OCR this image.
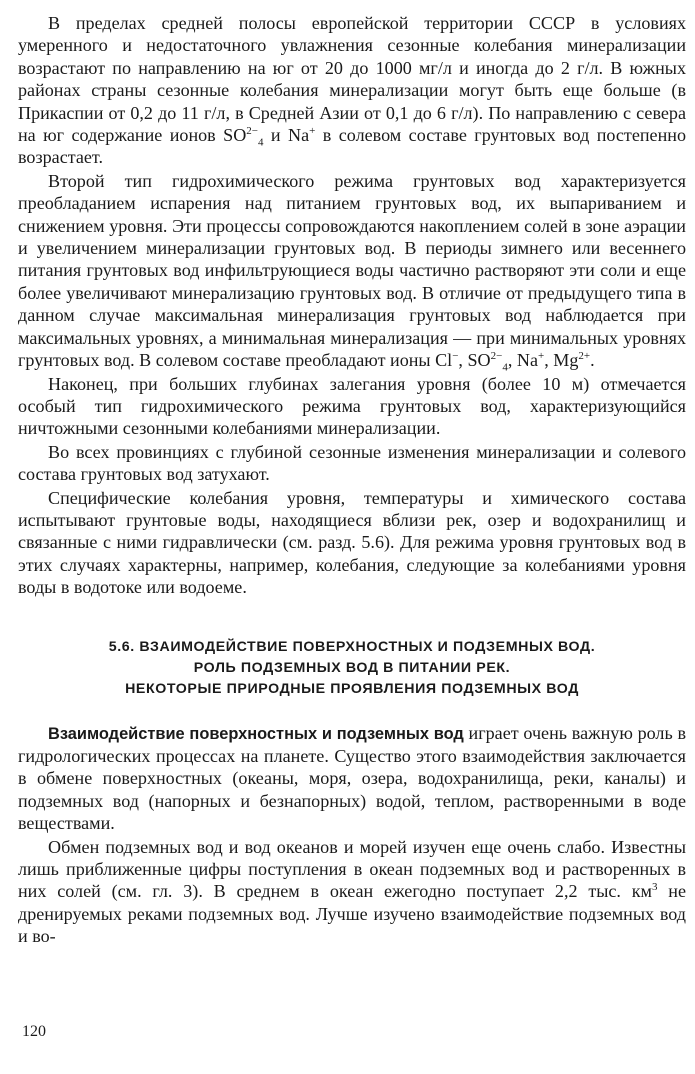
В пределах средней полосы европейской территории СССР в условиях умеренного и недостаточного увлажнения сезонные колебания минерализации возрастают по направлению на юг от 20 до 1000 мг/л и иногда до 2 г/л. В южных районах страны сезонные колебания минерализации могут быть еще больше (в Прикаспии от 0,2 до 11 г/л, в Средней Азии от 0,1 до 6 г/л). По направлению с севера на юг содержание ионов $SO^{2-}_4$ и Na+ в солевом составе грунтовых вод постепенно возрастает.

Второй тип гидрохимического режима грунтовых вод характеризуется преобладанием испарения над питанием грунтовых вод, их выпариванием и снижением уровня. Эти процессы сопровождаются накоплением солей в зоне аэрации и увеличением минерализации грунтовых вод. В периоды зимнего или весеннего питания грунтовых вод инфильтрующиеся воды частично растворяют эти соли и еще более увеличивают минерализацию грунтовых вод. В отличие от предыдущего типа в данном случае максимальная минерализация грунтовых вод наблюдается при максимальных уровнях, а минимальная минерализация — при минимальных уровнях грунтовых вод. В солевом составе преобладают ионы Cl−, $SO^{2-}_4$, Na+, $Mg^{2+}$.

Наконец, при больших глубинах залегания уровня (более 10 м) отмечается особый тип гидрохимического режима грунтовых вод, характеризующийся ничтожными сезонными колебаниями минерализации.

Во всех провинциях с глубиной сезонные изменения минерализации и солевого состава грунтовых вод затухают.

Специфические колебания уровня, температуры и химического состава испытывают грунтовые воды, находящиеся вблизи рек, озер и водохранилищ и связанные с ними гидравлически (см. разд. 5.6). Для режима уровня грунтовых вод в этих случаях характерны, например, колебания, следующие за колебаниями уровня воды в водотоке или водоеме.

5.6. ВЗАИМОДЕЙСТВИЕ ПОВЕРХНОСТНЫХ И ПОДЗЕМНЫХ ВОД.
РОЛЬ ПОДЗЕМНЫХ ВОД В ПИТАНИИ РЕК.
НЕКОТОРЫЕ ПРИРОДНЫЕ ПРОЯВЛЕНИЯ ПОДЗЕМНЫХ ВОД

Взаимодействие поверхностных и подземных вод играет очень важную роль в гидрологических процессах на планете. Существо этого взаимодействия заключается в обмене поверхностных (океаны, моря, озера, водохранилища, реки, каналы) и подземных вод (напорных и безнапорных) водой, теплом, растворенными в воде веществами.

Обмен подземных вод и вод океанов и морей изучен еще очень слабо. Известны лишь приближенные цифры поступления в океан подземных вод и растворенных в них солей (см. гл. 3). В среднем в океан ежегодно поступает 2,2 тыс. $км^3$ не дренируемых реками подземных вод. Лучше изучено взаимодействие подземных вод и во-

120
